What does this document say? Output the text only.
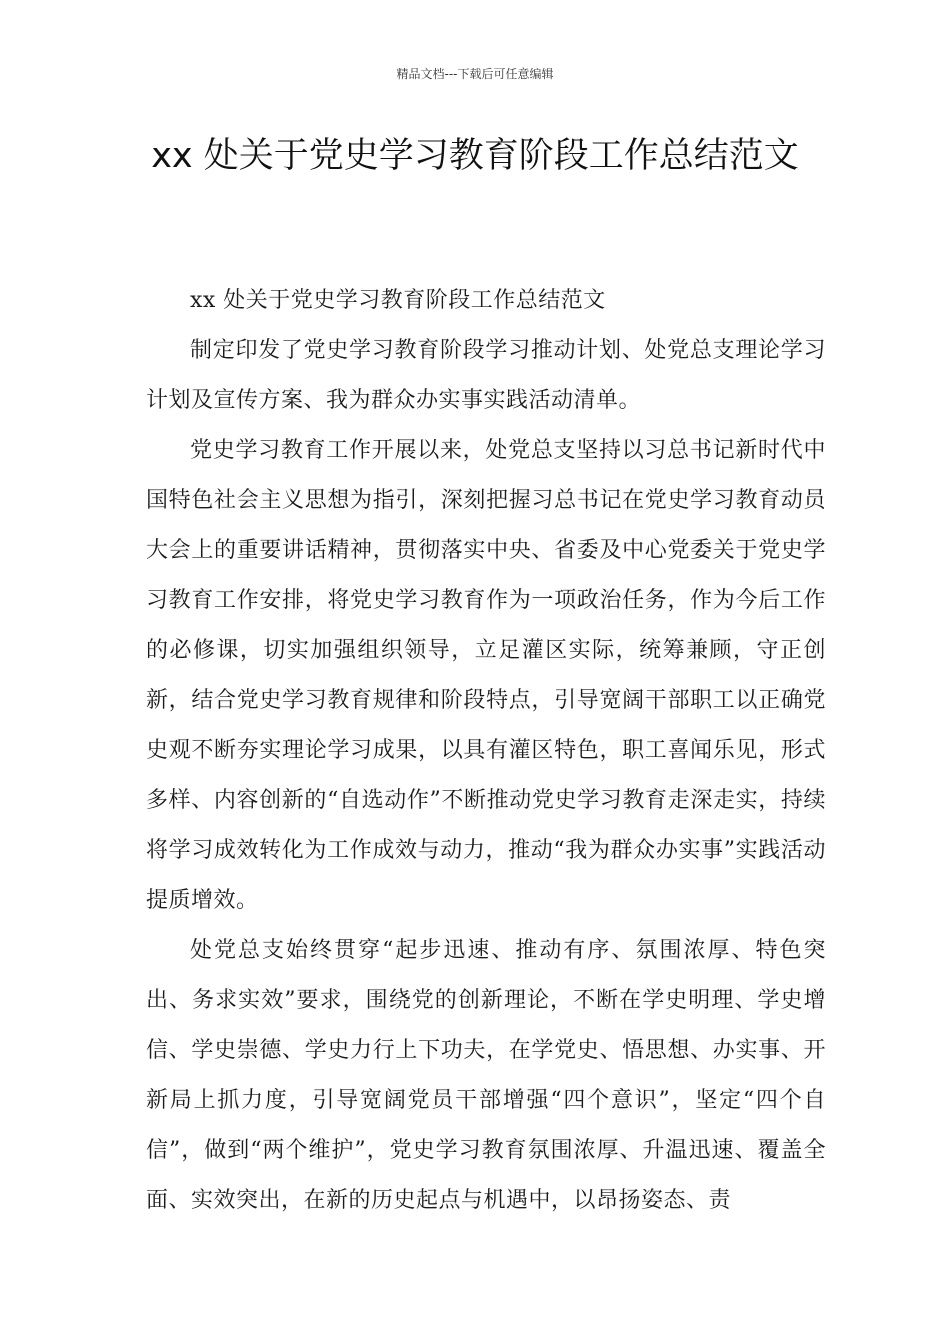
精品文档---下载后可任意编辑
xx 处关于党史学习教育阶段工作总结范文

xx 处关于党史学习教育阶段工作总结范文

制定印发了党史学习教育阶段学习推动计划、处党总支理论学习计划及宣传方案、我为群众办实事实践活动清单。

党史学习教育工作开展以来，处党总支坚持以习总书记新时代中国特色社会主义思想为指引，深刻把握习总书记在党史学习教育动员大会上的重要讲话精神，贯彻落实中央、省委及中心党委关于党史学习教育工作安排，将党史学习教育作为一项政治任务，作为今后工作的必修课，切实加强组织领导，立足灌区实际，统筹兼顾，守正创新，结合党史学习教育规律和阶段特点，引导宽阔干部职工以正确党史观不断夯实理论学习成果，以具有灌区特色，职工喜闻乐见，形式多样、内容创新的“自选动作”不断推动党史学习教育走深走实，持续将学习成效转化为工作成效与动力，推动“我为群众办实事”实践活动提质增效。

处党总支始终贯穿“起步迅速、推动有序、氛围浓厚、特色突出、务求实效”要求，围绕党的创新理论，不断在学史明理、学史增信、学史崇德、学史力行上下功夫，在学党史、悟思想、办实事、开新局上抓力度，引导宽阔党员干部增强“四个意识”，坚定“四个自信”，做到“两个维护”，党史学习教育氛围浓厚、升温迅速、覆盖全面、实效突出，在新的历史起点与机遇中，以昂扬姿态、责
